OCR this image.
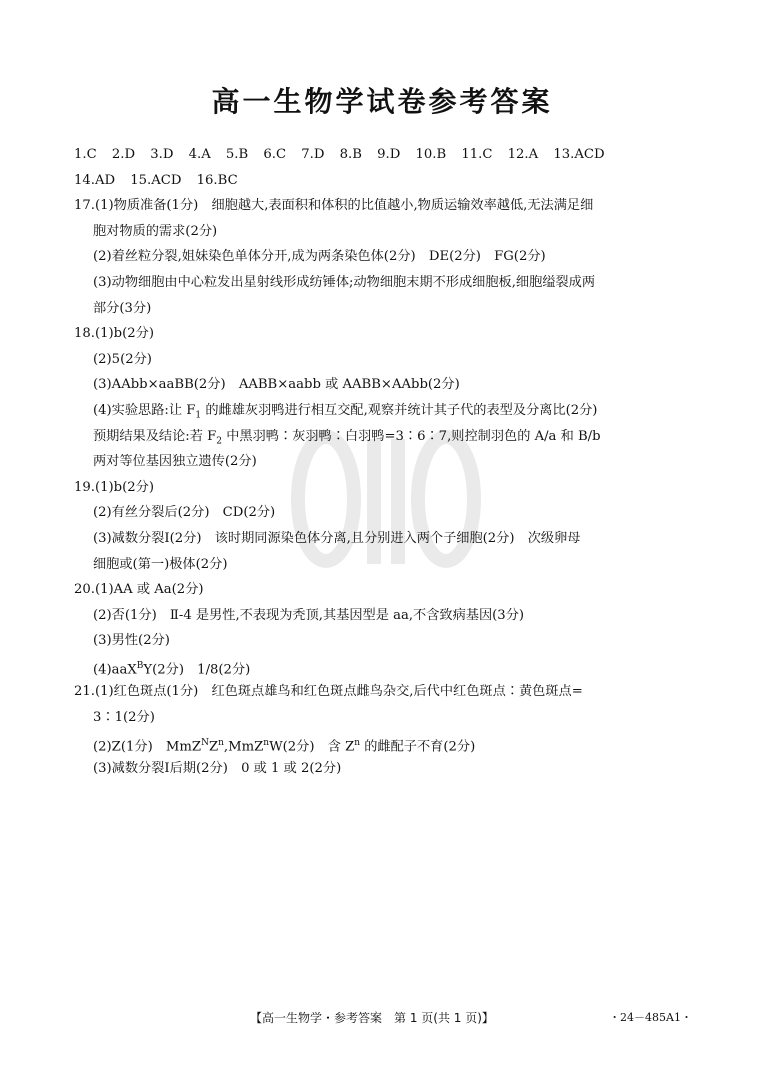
高一生物学试卷参考答案
1.C 2.D 3.D 4.A 5.B 6.C 7.D 8.B 9.D 10.B 11.C 12.A 13.ACD
14.AD 15.ACD 16.BC
17.(1)物质准备(1分)　细胞越大,表面积和体积的比值越小,物质运输效率越低,无法满足细
胞对物质的需求(2分)
(2)着丝粒分裂,姐妹染色单体分开,成为两条染色体(2分)　DE(2分)　FG(2分)
(3)动物细胞由中心粒发出星射线形成纺锤体;动物细胞末期不形成细胞板,细胞缢裂成两
部分(3分)
18.(1)b(2分)
(2)5(2分)
(3)AAbb×aaBB(2分)　AABB×aabb 或 AABB×AAbb(2分)
(4)实验思路:让 $F_1$ 的雌雄灰羽鸭进行相互交配,观察并统计其子代的表型及分离比(2分)
预期结果及结论:若 $F_2$ 中黑羽鸭∶灰羽鸭∶白羽鸭=3∶6∶7,则控制羽色的 A/a 和 B/b
两对等位基因独立遗传(2分)
19.(1)b(2分)
(2)有丝分裂后(2分)　CD(2分)
(3)减数分裂Ⅰ(2分)　该时期同源染色体分离,且分别进入两个子细胞(2分)　次级卵母
细胞或(第一)极体(2分)
20.(1)AA 或 Aa(2分)
(2)否(1分)　Ⅱ-4 是男性,不表现为秃顶,其基因型是 aa,不含致病基因(3分)
(3)男性(2分)
(4)aaX$^B$Y(2分)　1/8(2分)
21.(1)红色斑点(1分)　红色斑点雄鸟和红色斑点雌鸟杂交,后代中红色斑点∶黄色斑点=
3∶1(2分)
(2)Z(1分)　$MmZ^NZ^n,MmZ^nW(2$分)　含 $Z^n$ 的雌配子不育(2分)
(3)减数分裂Ⅰ后期(2分)　0 或 1 或 2(2分)
【高一生物学・参考答案　第 1 页(共 1 页)】	・24－485A1・
